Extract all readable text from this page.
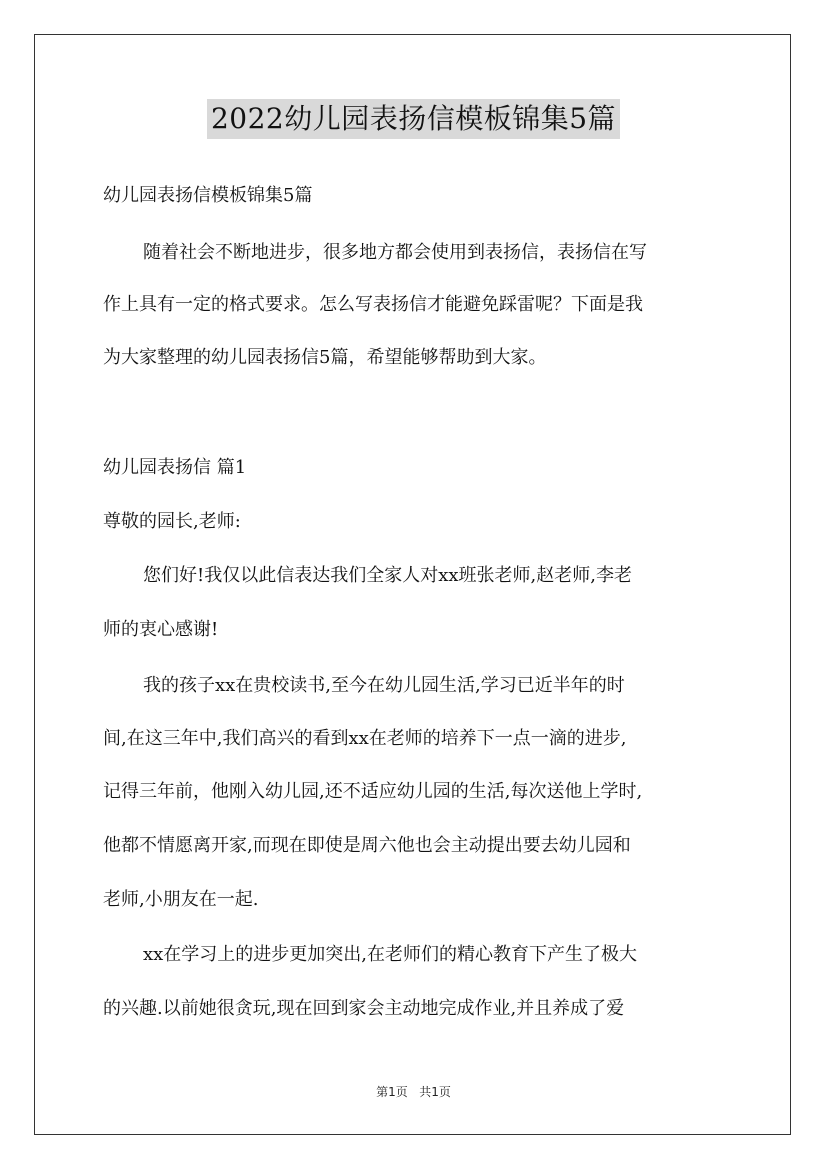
2022幼儿园表扬信模板锦集5篇

幼儿园表扬信模板锦集5篇

随着社会不断地进步，很多地方都会使用到表扬信，表扬信在写
作上具有一定的格式要求。怎么写表扬信才能避免踩雷呢？下面是我
为大家整理的幼儿园表扬信5篇，希望能够帮助到大家。
幼儿园表扬信 篇1
尊敬的园长,老师:
您们好!我仅以此信表达我们全家人对xx班张老师,赵老师,李老
师的衷心感谢!
我的孩子xx在贵校读书,至今在幼儿园生活,学习已近半年的时
间,在这三年中,我们高兴的看到xx在老师的培养下一点一滴的进步,
记得三年前，他刚入幼儿园,还不适应幼儿园的生活,每次送他上学时,
他都不情愿离开家,而现在即使是周六他也会主动提出要去幼儿园和
老师,小朋友在一起.
xx在学习上的进步更加突出,在老师们的精心教育下产生了极大
的兴趣.以前她很贪玩,现在回到家会主动地完成作业,并且养成了爱
第1页 共1页
